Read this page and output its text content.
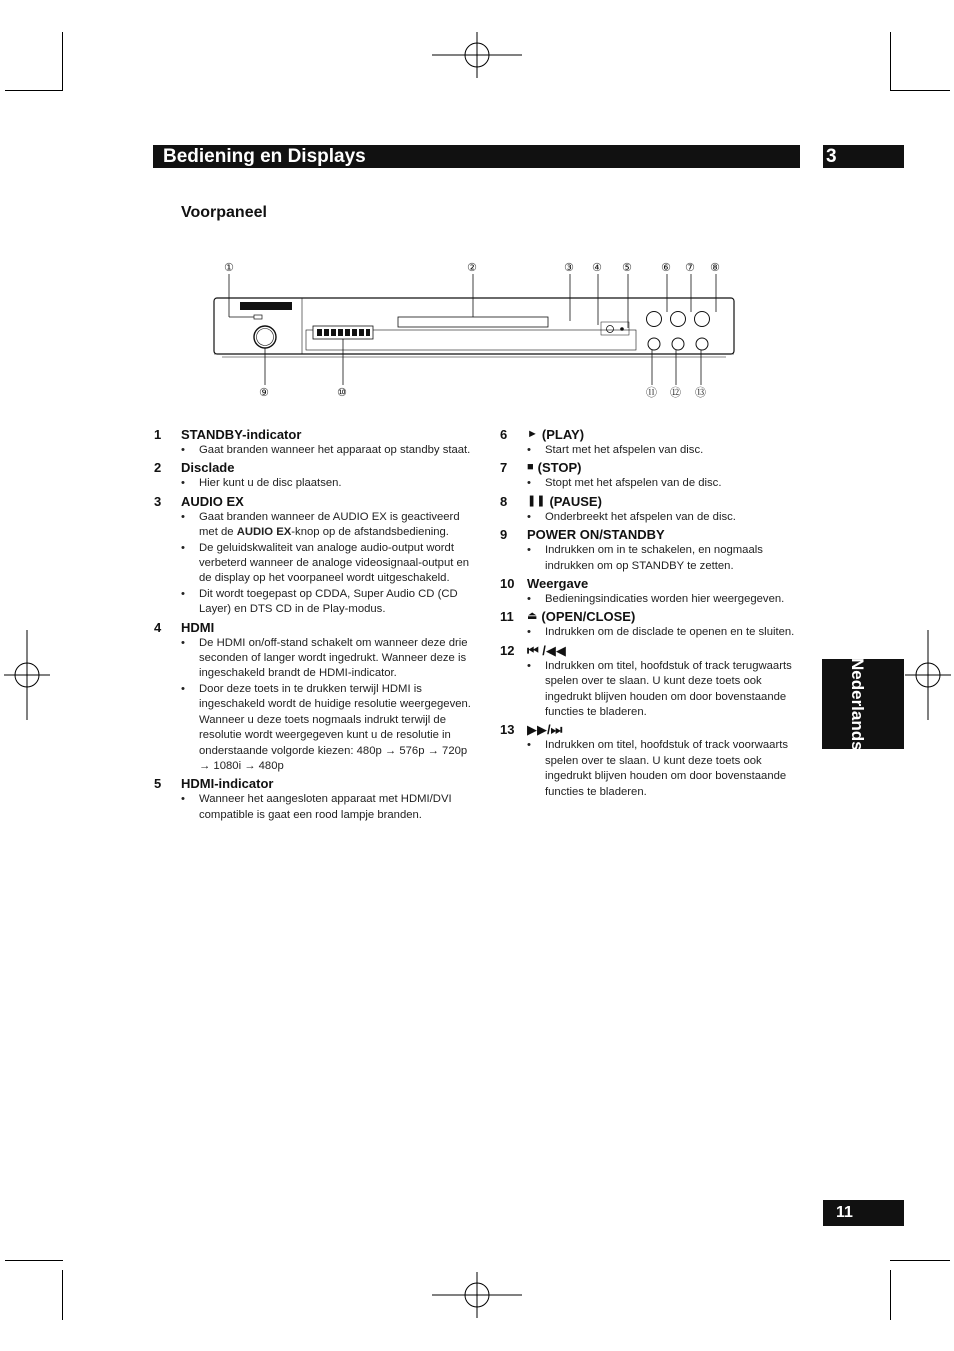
Bediening en Displays	3
Voorpaneel
①	②	③ ④ ⑤	⑥ ⑦ ⑧
⑨	⑩	⑪ ⑫ ⑬
1	STANDBY-indicator
• Gaat branden wanneer het apparaat op standby staat.
2	Disclade
• Hier kunt u de disc plaatsen.
3	AUDIO EX
• Gaat branden wanneer de AUDIO EX is geactiveerd met de AUDIO EX-knop op de afstandsbediening.
• De geluidskwaliteit van analoge audio-output wordt verbeterd wanneer de analoge videosignaal-output en de display op het voorpaneel wordt uitgeschakeld.
• Dit wordt toegepast op CDDA, Super Audio CD (CD Layer) en DTS CD in de Play-modus.
4	HDMI
• De HDMI on/off-stand schakelt om wanneer deze drie seconden of langer wordt ingedrukt. Wanneer deze is ingeschakeld brandt de HDMI-indicator.
• Door deze toets in te drukken terwijl HDMI is ingeschakeld wordt de huidige resolutie weergegeven. Wanneer u deze toets nogmaals indrukt terwijl de resolutie wordt weergegeven kunt u de resolutie in onderstaande volgorde kiezen: 480p → 576p → 720p → 1080i → 480p
5	HDMI-indicator
• Wanneer het aangesloten apparaat met HDMI/DVI compatible is gaat een rood lampje branden.
6	► (PLAY)
• Start met het afspelen van disc.
7	■ (STOP)
• Stopt met het afspelen van de disc.
8	❚❚ (PAUSE)
• Onderbreekt het afspelen van de disc.
9	POWER ON/STANDBY
• Indrukken om in te schakelen, en nogmaals indrukken om op STANDBY te zetten.
10 Weergave
• Bedieningsindicaties worden hier weergegeven.
11	⏏ (OPEN/CLOSE)
• Indrukken om de disclade te openen en te sluiten.
12 ⏮ /◀◀
• Indrukken om titel, hoofdstuk of track terugwaarts spelen over te slaan. U kunt deze toets ook ingedrukt blijven houden om door bovenstaande functies te bladeren.
13 ▶▶/⏭
• Indrukken om titel, hoofdstuk of track voorwaarts spelen over te slaan. U kunt deze toets ook ingedrukt blijven houden om door bovenstaande functies te bladeren.
Nederlands
11
